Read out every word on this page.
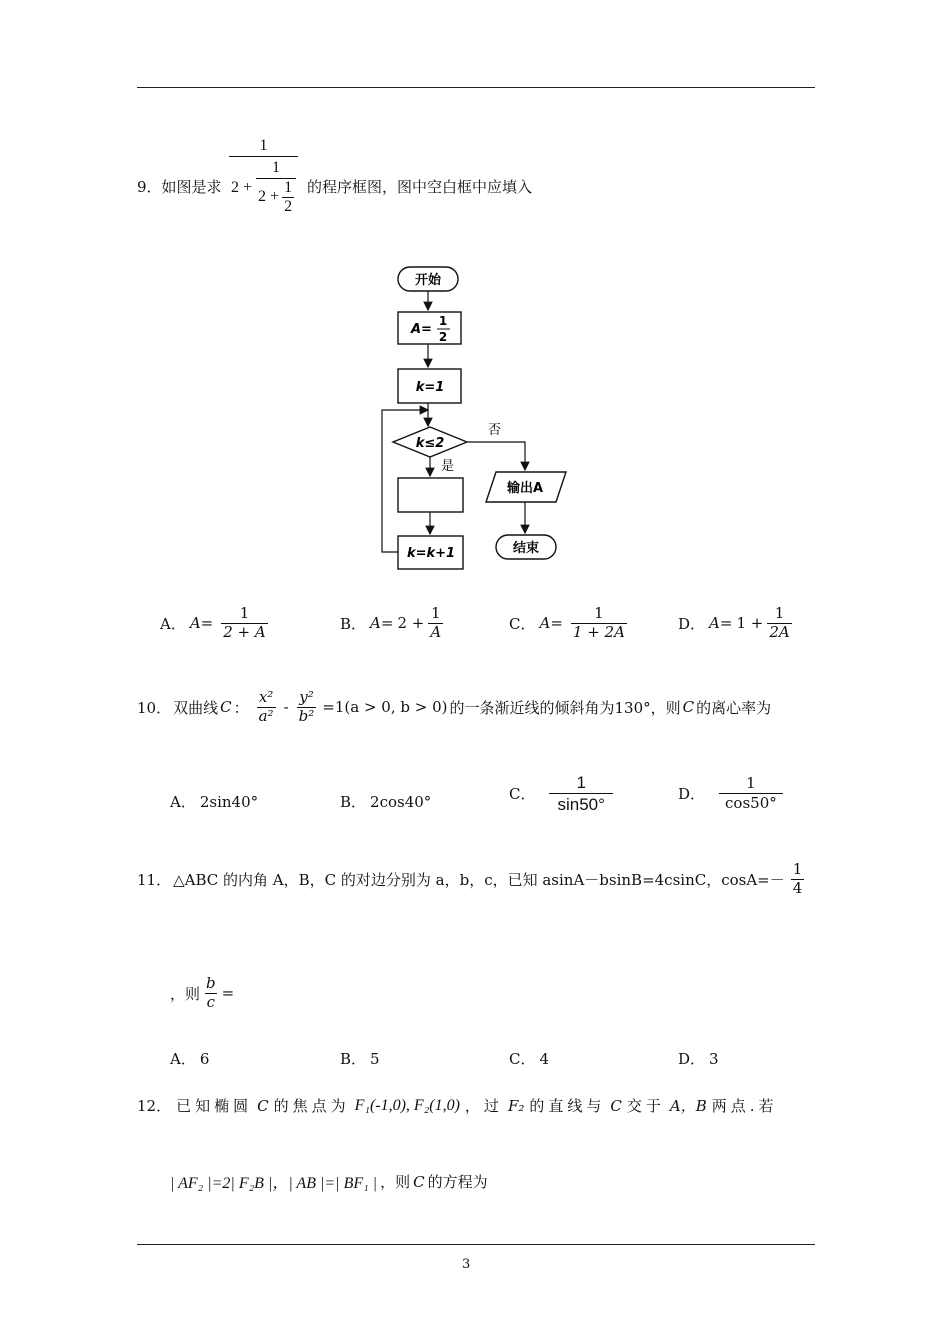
3
9．如图是求
1
$2 + \frac{1}{2 + \frac{1}{2}}$ 的程序框图，图中空白框中应填入
开始
A=
1
2
k=1
k≤2
否
是
k=k+1
输出A
结束
A． $A= \frac{1}{2 + A}$	B． $A= 2 + \frac{1}{A}$	C． $A= \frac{1}{1 + 2A}$	D． $A= 1 + \frac{1}{2A}$
10． 双曲线 C ： $\frac{\text{x²}}{\text{a²}} - \frac{\text{y²}}{\text{b²}} =1(a > 0$, b > 0) 的一条渐近线的倾斜角为130°，则 C 的离心率为
A． 2sin40°	B． 2cos40°	C． $\frac{1}{\sin 50^\circ}$	D． $\frac{1}{\cos 50^\circ}$
11． △ABC 的内角 A，B，C 的对边分别为 a，b，c，已知 asinA－bsinB=4csinC，$\cos A=- \frac{1}{4}$
，则 $\frac{b}{c}$ =
A． 6	B． 5	C． 4	D． 3
12． 已知椭圆 C 的焦点为 F₁(-1,0), F₂(1,0) ，过 F₂ 的直线与 C 交于 A，B 两点.若
| AF₂ |=2| F₂B |，| AB |=| BF₁ | ，则 C 的方程为
